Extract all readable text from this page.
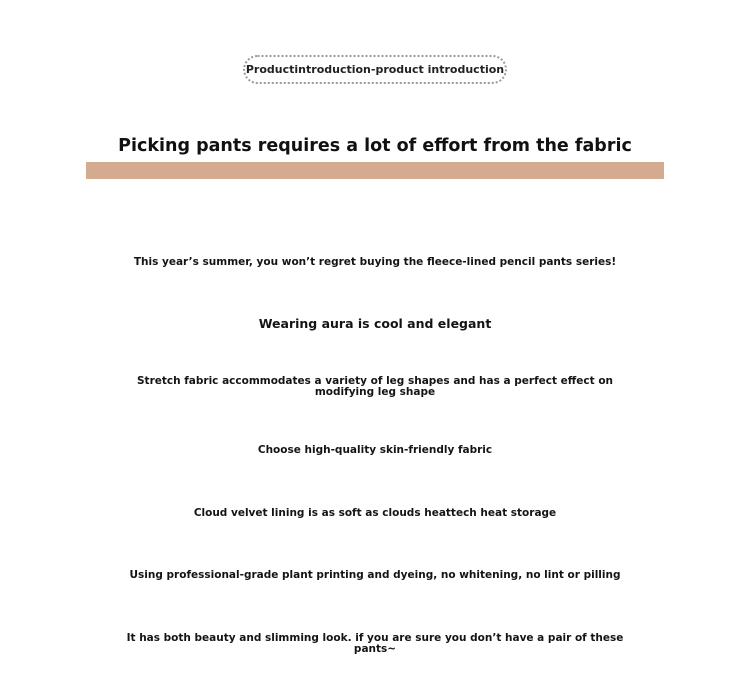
Productintroduction-product introduction
Picking pants requires a lot of effort from the fabric
This year’s summer, you won’t regret buying the fleece-lined pencil pants series!
Wearing aura is cool and elegant
Stretch fabric accommodates a variety of leg shapes and has a perfect effect on modifying leg shape
Choose high-quality skin-friendly fabric
Cloud velvet lining is as soft as clouds heattech heat storage
Using professional-grade plant printing and dyeing, no whitening, no lint or pilling
It has both beauty and slimming look. if you are sure you don’t have a pair of these pants~
